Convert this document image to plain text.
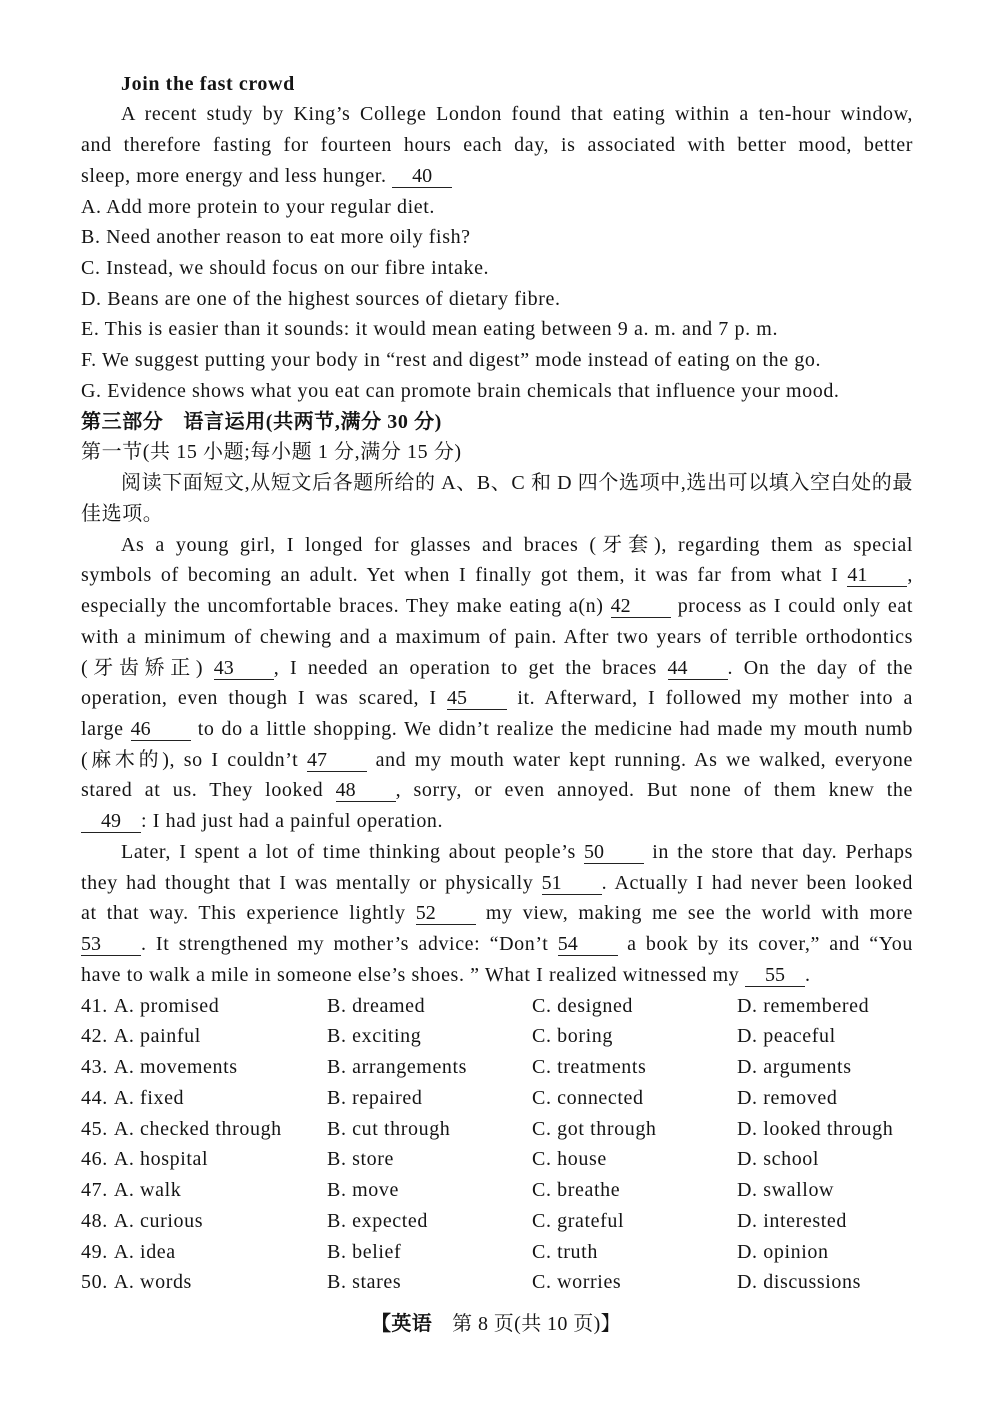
Join the fast crowd
A recent study by King’s College London found that eating within a ten-hour window,
and therefore fasting for fourteen hours each day, is associated with better mood, better
sleep, more energy and less hunger. 40
A. Add more protein to your regular diet.
B. Need another reason to eat more oily fish?
C. Instead, we should focus on our fibre intake.
D. Beans are one of the highest sources of dietary fibre.
E. This is easier than it sounds: it would mean eating between 9 a. m. and 7 p. m.
F. We suggest putting your body in “rest and digest” mode instead of eating on the go.
G. Evidence shows what you eat can promote brain chemicals that influence your mood.
第三部分 语言运用(共两节,满分 30 分)
第一节(共 15 小题;每小题 1 分,满分 15 分)
阅读下面短文,从短文后各题所给的 A、B、C 和 D 四个选项中,选出可以填入空白处的最
佳选项。
As a young girl, I longed for glasses and braces (牙套), regarding them as special
symbols of becoming an adult. Yet when I finally got them, it was far from what I 41 ,
especially the uncomfortable braces. They make eating a(n) 42 process as I could only eat
with a minimum of chewing and a maximum of pain. After two years of terrible orthodontics
(牙齿矫正) 43 , I needed an operation to get the braces 44 . On the day of the
operation, even though I was scared, I 45 it. Afterward, I followed my mother into a
large 46 to do a little shopping. We didn’t realize the medicine had made my mouth numb
(麻木的), so I couldn’t 47 and my mouth water kept running. As we walked, everyone
stared at us. They looked 48 , sorry, or even annoyed. But none of them knew the
49 : I had just had a painful operation.
Later, I spent a lot of time thinking about people’s 50 in the store that day. Perhaps
they had thought that I was mentally or physically 51 . Actually I had never been looked
at that way. This experience lightly 52 my view, making me see the world with more
53 . It strengthened my mother’s advice: “Don’t 54 a book by its cover,” and “You
have to walk a mile in someone else’s shoes. ” What I realized witnessed my 55 .
41. A. promised	B. dreamed	C. designed	D. remembered
42. A. painful	B. exciting	C. boring	D. peaceful
43. A. movements	B. arrangements	C. treatments	D. arguments
44. A. fixed	B. repaired	C. connected	D. removed
45. A. checked through	B. cut through	C. got through	D. looked through
46. A. hospital	B. store	C. house	D. school
47. A. walk	B. move	C. breathe	D. swallow
48. A. curious	B. expected	C. grateful	D. interested
49. A. idea	B. belief	C. truth	D. opinion
50. A. words	B. stares	C. worries	D. discussions
【英语 第 8 页(共 10 页)】
